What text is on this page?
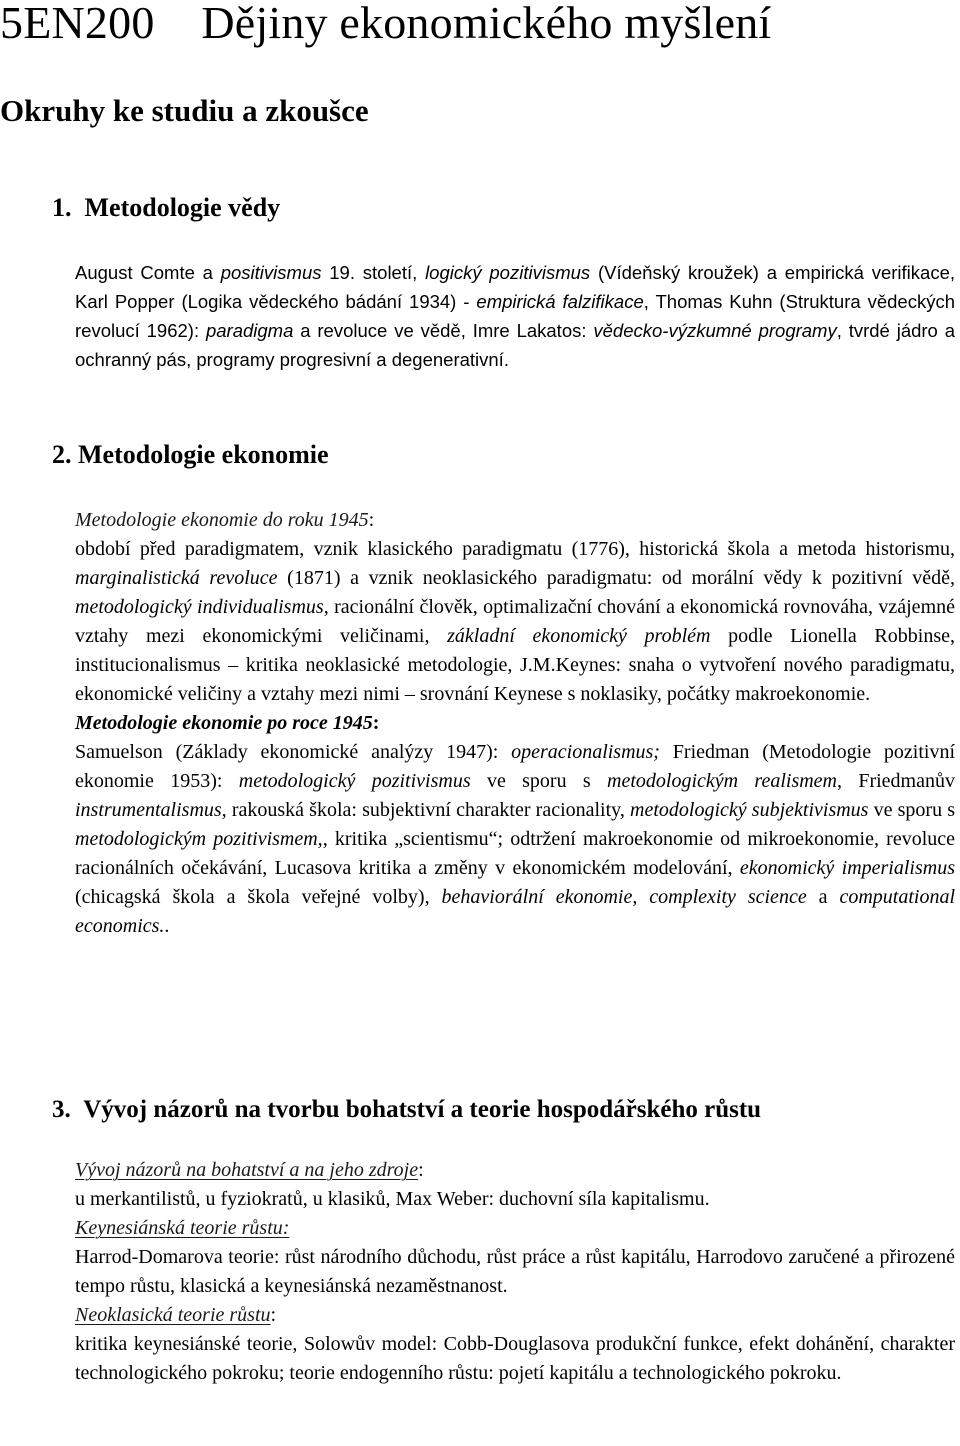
5EN200    Dějiny ekonomického myšlení
Okruhy ke studiu a zkoušce
1. Metodologie vědy

August Comte a positivismus 19. století, logický pozitivismus (Vídeňský kroužek) a empirická verifikace, Karl Popper (Logika vědeckého bádání 1934) - empirická falzifikace, Thomas Kuhn (Struktura vědeckých revolucí 1962): paradigma a revoluce ve vědě, Imre Lakatos: vědecko-výzkumné programy, tvrdé jádro a ochranný pás, programy progresivní a degenerativní.

2. Metodologie ekonomie

Metodologie ekonomie do roku 1945:

období před paradigmatem, vznik klasického paradigmatu (1776), historická škola a metoda historismu, marginalistická revoluce (1871) a vznik neoklasického paradigmatu: od morální vědy k pozitivní vědě, metodologický individualismus, racionální člověk, optimalizační chování a ekonomická rovnováha, vzájemné vztahy mezi ekonomickými veličinami, základní ekonomický problém podle Lionella Robbinse, institucionalismus – kritika neoklasické metodologie, J.M.Keynes: snaha o vytvoření nového paradigmatu, ekonomické veličiny a vztahy mezi nimi – srovnání Keynese s noklasiky, počátky makroekonomie.

Metodologie ekonomie po roce 1945:

Samuelson (Základy ekonomické analýzy 1947): operacionalismus; Friedman (Metodologie pozitivní ekonomie 1953): metodologický pozitivismus ve sporu s metodologickým realismem, Friedmanův instrumentalismus, rakouská škola: subjektivní charakter racionality, metodologický subjektivismus ve sporu s metodologickým pozitivismem,, kritika „scientismu“; odtržení makroekonomie od mikroekonomie, revoluce racionálních očekávání, Lucasova kritika a změny v ekonomickém modelování, ekonomický imperialismus (chicagská škola a škola veřejné volby), behaviorální ekonomie, complexity science a computational economics..

3. Vývoj názorů na tvorbu bohatství a teorie hospodářského růstu

Vývoj názorů na bohatství a na jeho zdroje:

u merkantilistů, u fyziokratů, u klasiků, Max Weber: duchovní síla kapitalismu.

Keynesiánská teorie růstu:

Harrod-Domarova teorie: růst národního důchodu, růst práce a růst kapitálu, Harrodovo zaručené a přirozené tempo růstu, klasická a keynesiánská nezaměstnanost.

Neoklasická teorie růstu:

kritika keynesiánské teorie, Solowův model: Cobb-Douglasova produkční funkce, efekt dohánění, charakter technologického pokroku; teorie endogenního růstu: pojetí kapitálu a technologického pokroku.
